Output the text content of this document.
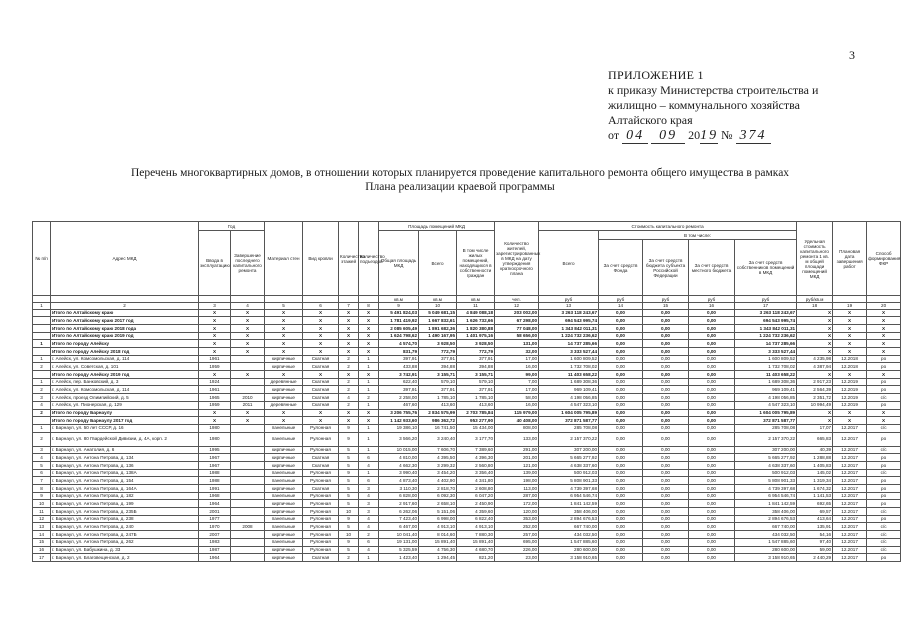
3
ПРИЛОЖЕНИЕ 1
к приказу Министерства строительства и
жилищно – коммунального хозяйства
Алтайского края
от 04 09 2019 № 374
Перечень многоквартирных домов, в отношении которых планируется проведение капитального ремонта общего имущества в рамках
Плана реализации краевой программы
№ п/п	Адрес МКД	Год		Материал стен	Вид кровли	Количество этажей	Количество подъездов	Площадь помещений МКД			Количество жителей, зарегистрированных в МКД на дату утверждения краткосрочного плана	Стоимость капитального ремонта					Удельная стоимость капитального ремонта 1 кв. м общей площади помещений МКД	Плановая дата завершения работ	Способ формирования ФКР
		Ввода в эксплуатацию	Завершение последнего капитального ремонта					Общая площадь МКД	Всего	В том числе жилых помещений, находящихся в собственности граждан		Всего	В том числе:						
													За счет средств Фонда	За счет средств бюджета субъекта Российской Федерации	За счет средств местного бюджета	За счет средств собственников помещений в МКД			
								кв.м	кв.м	кв.м	чел.	руб	руб	руб	руб	руб	руб/кв.м		
1	2	3	4	5	6	7	8	9	10	11	12	13	14	15	16	17	18	19	20
	Итого по Алтайскому краю	X	X	X	X	X	X	5 491 824,03	5 049 681,15	4 849 088,18	203 002,00	3 263 118 243,67	0,00	0,00	0,00	3 263 118 243,67	X	X	X
	Итого по Алтайскому краю 2017 год	X	X	X	X	X	X	1 781 419,92	1 667 832,61	1 626 732,66	67 298,00	694 543 995,74	0,00	0,00	0,00	694 543 995,74	X	X	X
	Итого по Алтайскому краю 2018 года	X	X	X	X	X	X	2 085 605,49	1 891 682,36	1 820 380,88	77 048,00	1 343 842 011,31	0,00	0,00	0,00	1 343 842 011,31	X	X	X
	Итого по Алтайскому краю 2019 год	X	X	X	X	X	X	1 624 798,62	1 490 167,95	1 401 975,16	58 656,00	1 224 732 236,62	0,00	0,00	0,00	1 224 732 236,62	X	X	X
1	Итого по городу Алейску	X	X	X	X	X	X	4 574,70	3 928,50	3 928,50	131,00	14 737 285,66	0,00	0,00	0,00	14 737 285,66	X	X	X
	Итого по городу Алейску 2018 год	X	X	X	X	X	X	831,79	772,79	772,79	32,00	3 333 527,44	0,00	0,00	0,00	3 333 527,44	X	X	X
1	г. Алейск, ул. Комсомольская, д. 114	1961		кирпичные	Скатная	2	1	397,91	377,91	377,91	17,00	1 600 809,52	0,00	0,00	0,00	1 600 809,52	4 235,98	12.2018	ро
2	г. Алейск, ул. Советская, д. 101	1959		кирпичные	Скатная	2	1	433,88	394,88	394,88	16,00	1 732 708,02	0,00	0,00	0,00	1 732 708,02	4 387,94	12.2018	ро
	Итого по городу Алейску 2019 год	X	X	X	X	X	X	3 742,91	3 155,71	3 155,71	99,00	11 403 658,22	0,00	0,00	0,00	11 403 658,22	X	X	X
1	г. Алейск, пер. Банковский, д. 3	1924		деревянные	Скатная	2	1	622,40	579,10	579,10	7,00	1 689 308,36	0,00	0,00	0,00	1 689 308,36	2 917,23	12.2019	ро
2	г. Алейск, ул. Комсомольская, д. 114	1961		кирпичные	Скатная	2	1	397,91	377,91	377,91	17,00	969 109,41	0,00	0,00	0,00	969 109,41	2 564,39	12.2019	ро
3	г. Алейск, проезд Олимпийский, д. 5	1965	2010	кирпичные	Скатная	4	2	2 258,00	1 785,10	1 785,10	58,00	4 198 056,85	0,00	0,00	0,00	4 198 056,85	2 351,72	12.2019	с/с
4	г. Алейск, ул. Пионерская, д. 129	1959	2011	деревянные	Скатная	2	1	467,60	413,60	413,60	16,00	4 547 323,10	0,00	0,00	0,00	4 547 323,10	10 994,49	12.2019	ро
2	Итого по городу Барнаулу	X	X	X	X	X	X	3 206 755,76	2 834 575,99	2 703 785,84	115 979,00	1 604 005 795,89	0,00	0,00	0,00	1 604 005 795,89	X	X	X
	Итого по городу Барнаулу 2017 год	X	X	X	X	X	X	1 142 933,60	986 362,72	953 277,90	40 408,00	372 871 587,77	0,00	0,00	0,00	372 871 587,77	X	X	X
1	г. Барнаул, ул. 50 лет СССР, д. 16	1980		панельные	Рулонная	9	1	19 386,10	16 741,50	15 434,00	808,00	285 708,08	0,00	0,00	0,00	285 708,08	17,07	12.2017	с/с
2	г. Барнаул, ул. 80 Гвардейской Дивизии, д. 4А, корп. 2	1980		панельные	Рулонная	9	1	3 566,20	3 240,40	3 177,70	133,00	2 157 370,22	0,00	0,00	0,00	2 157 370,22	665,83	12.2017	ро
3	г. Барнаул, ул. Анатолия, д. 6	1995		кирпичные	Рулонная	5	1	10 015,00	7 606,70	7 389,60	291,00	307 200,00	0,00	0,00	0,00	307 200,00	40,39	12.2017	с/с
4	г. Барнаул, ул. Антона Петрова, д. 134	1967		кирпичные	Скатная	5	6	4 810,00	4 395,50	4 396,30	201,00	5 665 277,92	0,00	0,00	0,00	5 665 277,92	1 288,88	12.2017	ро
5	г. Барнаул, ул. Антона Петрова, д. 136	1967		кирпичные	Скатная	5	4	4 662,30	3 299,32	2 560,80	121,00	4 638 337,60	0,00	0,00	0,00	4 638 337,60	1 405,83	12.2017	ро
6	г. Барнаул, ул. Антона Петрова, д. 138А	1988		панельные	Рулонная	9	1	3 990,40	3 454,20	3 356,40	139,00	500 912,03	0,00	0,00	0,00	500 912,03	145,02	12.2017	с/с
7	г. Барнаул, ул. Антона Петрова, д. 154	1988		панельные	Рулонная	5	6	4 873,40	4 402,90	4 341,80	198,00	5 808 901,33	0,00	0,00	0,00	5 808 901,33	1 319,34	12.2017	ро
8	г. Барнаул, ул. Антона Петрова, д. 164А	1991		кирпичные	Скатная	5	3	3 110,30	2 818,70	2 608,80	113,00	4 739 397,68	0,00	0,00	0,00	4 739 397,68	1 674,32	12.2017	ро
9	г. Барнаул, ул. Антона Петрова, д. 182	1968		панельные	Рулонная	5	4	6 828,00	6 092,30	6 047,20	287,00	6 954 546,74	0,00	0,00	0,00	6 954 546,74	1 141,53	12.2017	ро
10	г. Барнаул, ул. Антона Петрова, д. 199	1964		кирпичные	Рулонная	5	3	2 917,60	2 658,10	2 450,90	172,00	1 841 142,59	0,00	0,00	0,00	1 841 142,59	692,65	12.2017	ро
11	г. Барнаул, ул. Антона Петрова, д. 235Б	2001		кирпичные	Рулонная	10	3	6 262,06	5 151,06	4 359,60	120,00	358 406,00	0,00	0,00	0,00	358 406,00	69,57	12.2017	с/с
12	г. Барнаул, ул. Антона Петрова, д. 238	1977		панельные	Рулонная	9	4	7 423,40	6 998,00	6 822,40	353,00	2 894 676,53	0,00	0,00	0,00	2 894 676,53	413,64	12.2017	ро
13	г. Барнаул, ул. Антона Петрова, д. 240	1970	2008	панельные	Рулонная	5	4	6 467,00	4 913,10	4 913,10	252,00	667 740,00	0,00	0,00	0,00	667 740,00	135,91	12.2017	с/с
14	г. Барнаул, ул. Антона Петрова, д. 247Б	2007		кирпичные	Рулонная	10	2	10 041,40	8 014,60	7 880,30	257,00	434 032,50	0,00	0,00	0,00	434 032,50	54,16	12.2017	с/с
15	г. Барнаул, ул. Антона Петрова, д. 262	1983		панельные	Рулонная	9	6	19 131,00	15 891,40	15 891,40	695,00	1 547 885,60	0,00	0,00	0,00	1 547 885,60	97,40	12.2017	с/с
16	г. Барнаул, ул. Бабушкина, д. 33	1987		кирпичные	Рулонная	5	4	5 325,59	4 756,30	4 680,70	226,00	280 600,00	0,00	0,00	0,00	280 600,00	59,00	12.2017	с/с
17	г. Барнаул, ул. Благовещенская, д. 2	1964		кирпичные	Скатная	2	1	1 423,40	1 294,45	821,20	23,00	3 158 910,65	0,00	0,00	0,00	3 158 910,65	2 440,29	12.2017	ро
